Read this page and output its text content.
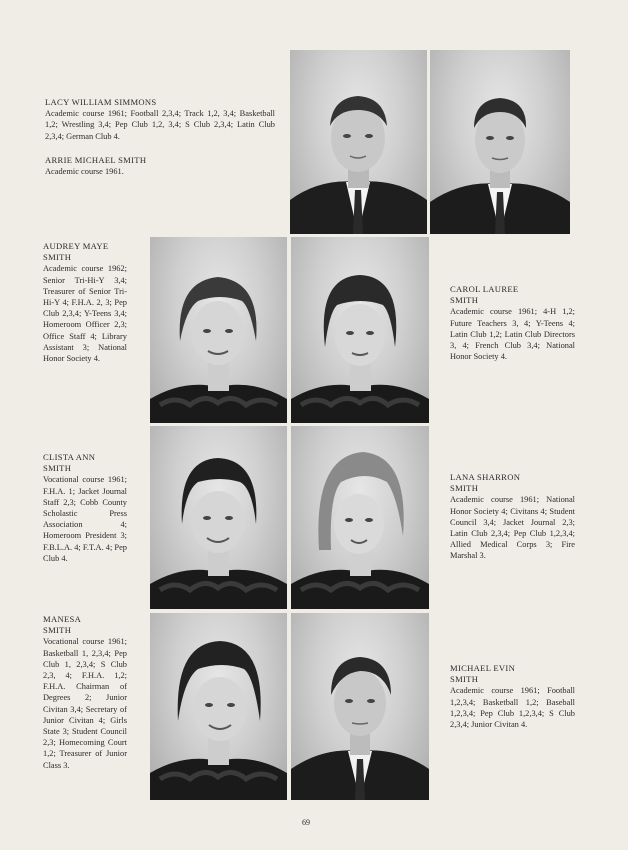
LACY WILLIAM SIMMONS
Academic course 1961; Football 2,3,4; Track 1,2, 3,4; Basketball 1,2; Wrestling 3,4; Pep Club 1,2, 3,4; S Club 2,3,4; Latin Club 2,3,4; German Club 4.
ARRIE MICHAEL SMITH
Academic course 1961.
AUDREY MAYE
SMITH
Academic course 1962; Senior Tri-Hi-Y 3,4; Treasurer of Senior Tri-Hi-Y 4; F.H.A. 2, 3; Pep Club 2,3,4; Y-Teens 3,4; Homeroom Officer 2,3; Office Staff 4; Library Assistant 3; National Honor Society 4.
CAROL LAUREE
SMITH
Academic course 1961; 4-H 1,2; Future Teachers 3, 4; Y-Teens 4; Latin Club 1,2; Latin Club Directors 3, 4; French Club 3,4; National Honor Society 4.
CLISTA ANN
SMITH
Vocational course 1961; F.H.A. 1; Jacket Journal Staff 2,3; Cobb County Scholastic Press Association 4; Homeroom President 3; F.B.L.A. 4; F.T.A. 4; Pep Club 4.
LANA SHARRON
SMITH
Academic course 1961; National Honor Society 4; Civitans 4; Student Council 3,4; Jacket Journal 2,3; Latin Club 2,3,4; Pep Club 1,2,3,4; Allied Medical Corps 3; Fire Marshal 3.
MANESA
SMITH
Vocational course 1961; Basketball 1, 2,3,4; Pep Club 1, 2,3,4; S Club 2,3, 4; F.H.A. 1,2; F.H.A. Chairman of Degrees 2; Junior Civitan 3,4; Secretary of Junior Civitan 4; Girls State 3; Student Council 2,3; Homecoming Court 1,2; Treasurer of Junior Class 3.
MICHAEL EVIN
SMITH
Academic course 1961; Football 1,2,3,4; Basketball 1,2; Baseball 1,2,3,4; Pep Club 1,2,3,4; S Club 2,3,4; Junior Civitan 4.
69
